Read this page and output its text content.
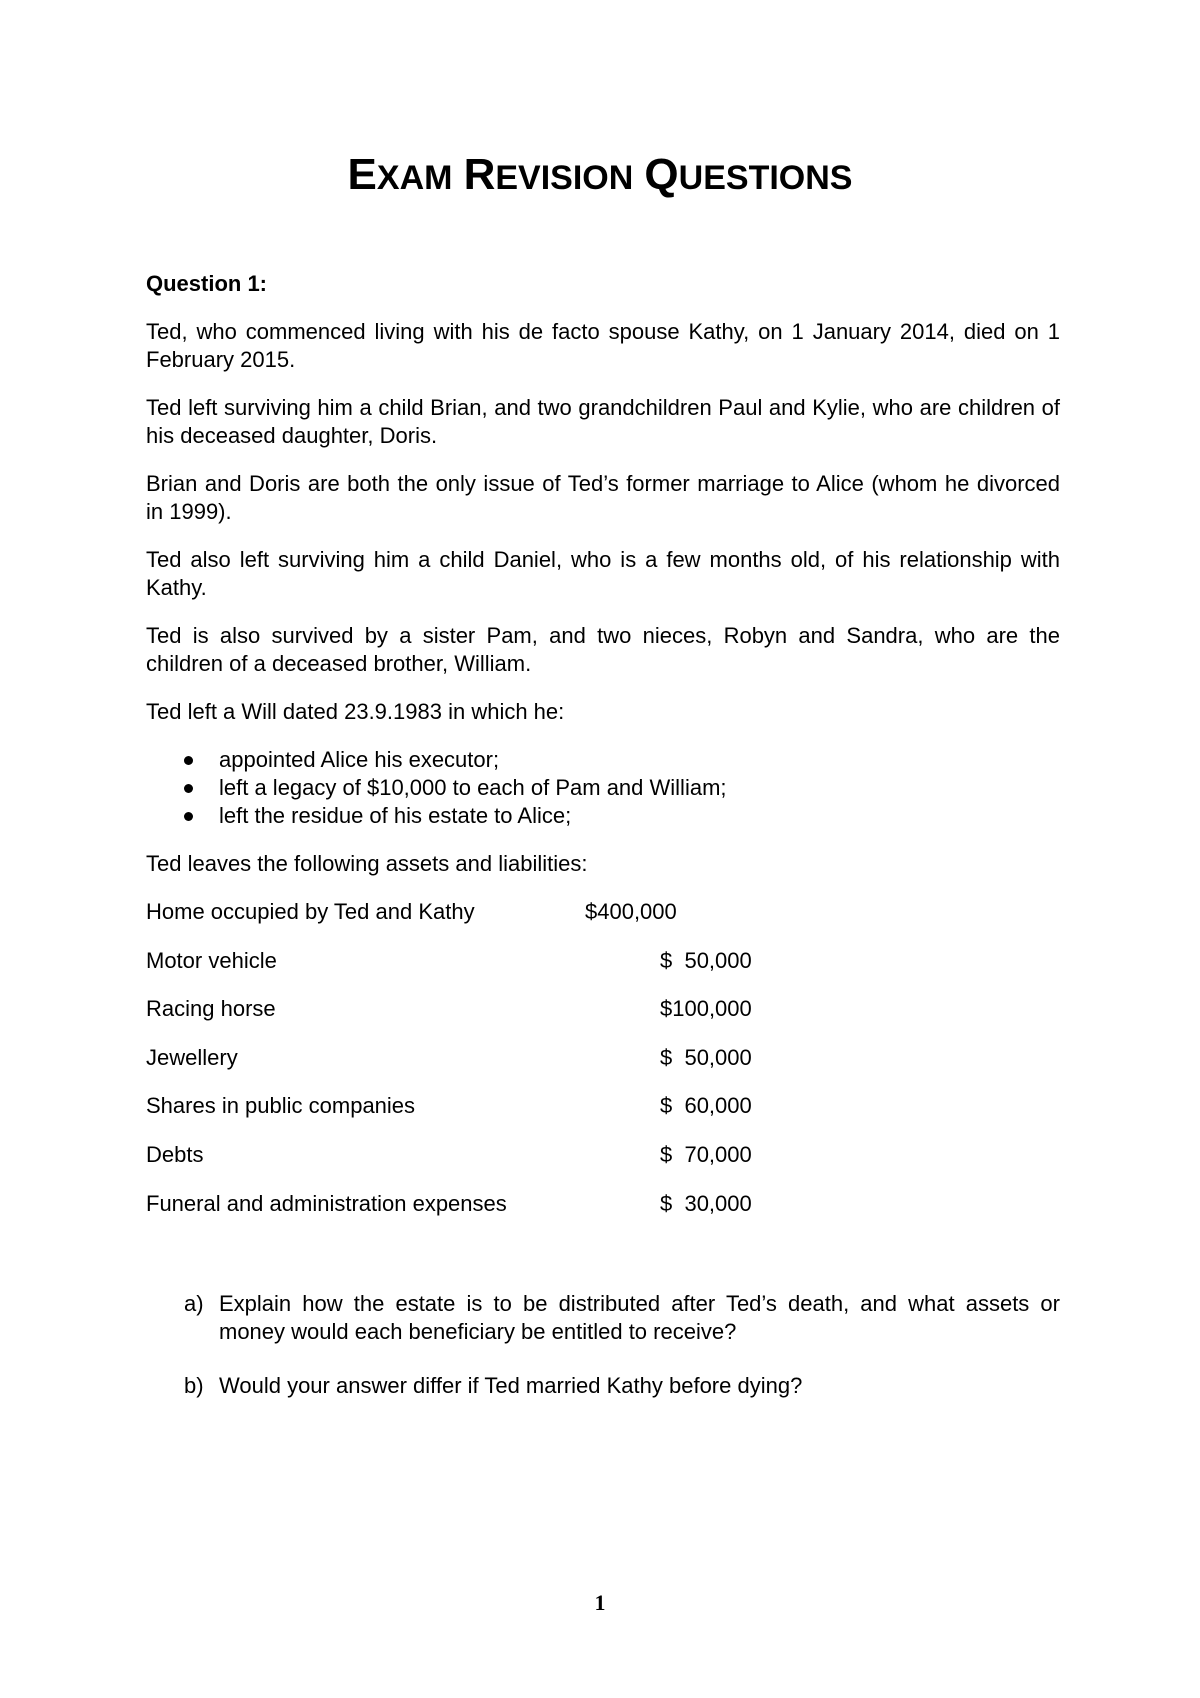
EXAM REVISION QUESTIONS
Question 1:

Ted, who commenced living with his de facto spouse Kathy, on 1 January 2014, died on 1 February 2015.

Ted left surviving him a child Brian, and two grandchildren Paul and Kylie, who are children of his deceased daughter, Doris.

Brian and Doris are both the only issue of Ted’s former marriage to Alice (whom he divorced in 1999).

Ted also left surviving him a child Daniel, who is a few months old, of his relationship with Kathy.

Ted is also survived by a sister Pam, and two nieces, Robyn and Sandra, who are the children of a deceased brother, William.

Ted left a Will dated 23.9.1983 in which he:

appointed Alice his executor;
left a legacy of $10,000 to each of Pam and William;
left the residue of his estate to Alice;

Ted leaves the following assets and liabilities:

Home occupied by Ted and Kathy	$400,000
Motor vehicle	$  50,000
Racing horse	$100,000
Jewellery	$  50,000
Shares in public companies	$  60,000
Debts	$  70,000
Funeral and administration expenses	$  30,000
a) Explain how the estate is to be distributed after Ted’s death, and what assets or money would each beneficiary be entitled to receive?
b) Would your answer differ if Ted married Kathy before dying?
1
